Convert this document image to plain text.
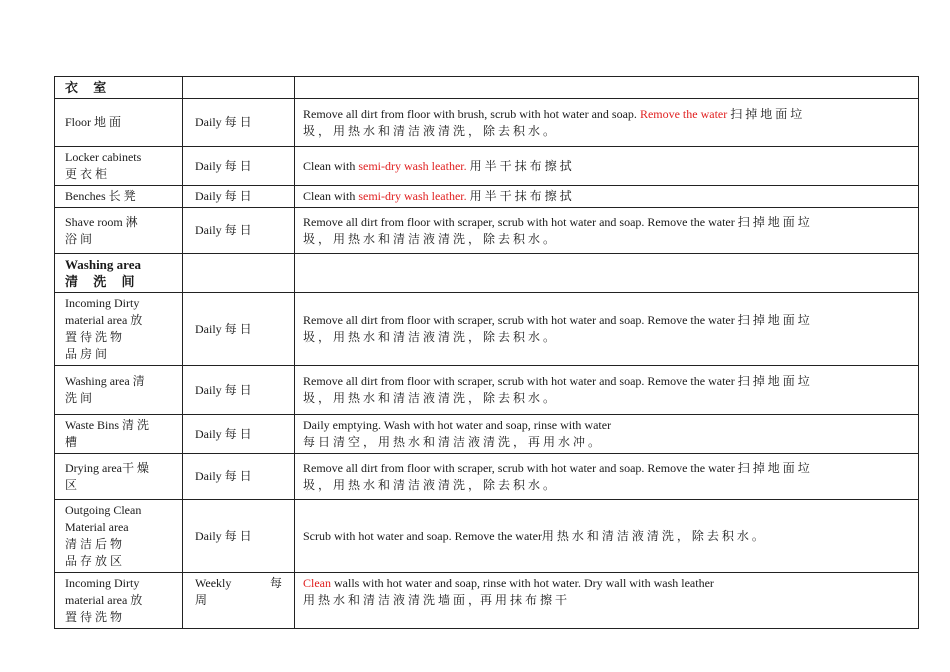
衣 室		
Floor 地 面	Daily 每 日	Remove all dirt from floor with brush, scrub with hot water and soap. Remove the water 扫 掉 地 面 垃
圾 ， 用 热 水 和 清 洁 液 清 洗 ， 除 去 积 水 。

Locker cabinets
更 衣 柜	Daily 每 日	Clean with semi-dry wash leather. 用 半 干 抹 布 擦 拭
Benches 长 凳	Daily 每 日	Clean with semi-dry wash leather. 用 半 干 抹 布 擦 拭

Shave room 淋
浴 间	Daily 每 日	Remove all dirt from floor with scraper, scrub with hot water and soap. Remove the water 扫 掉 地 面 垃
圾 ， 用 热 水 和 清 洁 液 清 洗 ， 除 去 积 水 。

Washing area
清 洗 间		

Incoming Dirty
material area 放
置 待 洗 物
品 房 间	Daily 每 日	Remove all dirt from floor with scraper, scrub with hot water and soap. Remove the water 扫 掉 地 面 垃
圾 ， 用 热 水 和 清 洁 液 清 洗 ， 除 去 积 水 。

Washing area 清
洗 间	Daily 每 日	Remove all dirt from floor with scraper, scrub with hot water and soap. Remove the water 扫 掉 地 面 垃
圾 ， 用 热 水 和 清 洁 液 清 洗 ， 除 去 积 水 。

Waste Bins 清 洗
槽	Daily 每 日	Daily emptying. Wash with hot water and soap, rinse with water
每 日 清 空 ， 用 热 水 和 清 洁 液 清 洗 ， 再 用 水 冲 。

Drying area干 燥
区	Daily 每 日	Remove all dirt from floor with scraper, scrub with hot water and soap. Remove the water 扫 掉 地 面 垃
圾 ， 用 热 水 和 清 洁 液 清 洗 ， 除 去 积 水 。

Outgoing Clean
Material area
清 洁 后 物
品 存 放 区	Daily 每 日	Scrub with hot water and soap. Remove the water用 热 水 和 清 洁 液 清 洗 ， 除 去 积 水 。

Incoming Dirty
material area 放
置 待 洗 物	Weekly 每
周	Clean walls with hot water and soap, rinse with hot water. Dry wall with wash leather
用 热 水 和 清 洁 液 清 洗 墙 面 ，再 用 抹 布 擦 干
